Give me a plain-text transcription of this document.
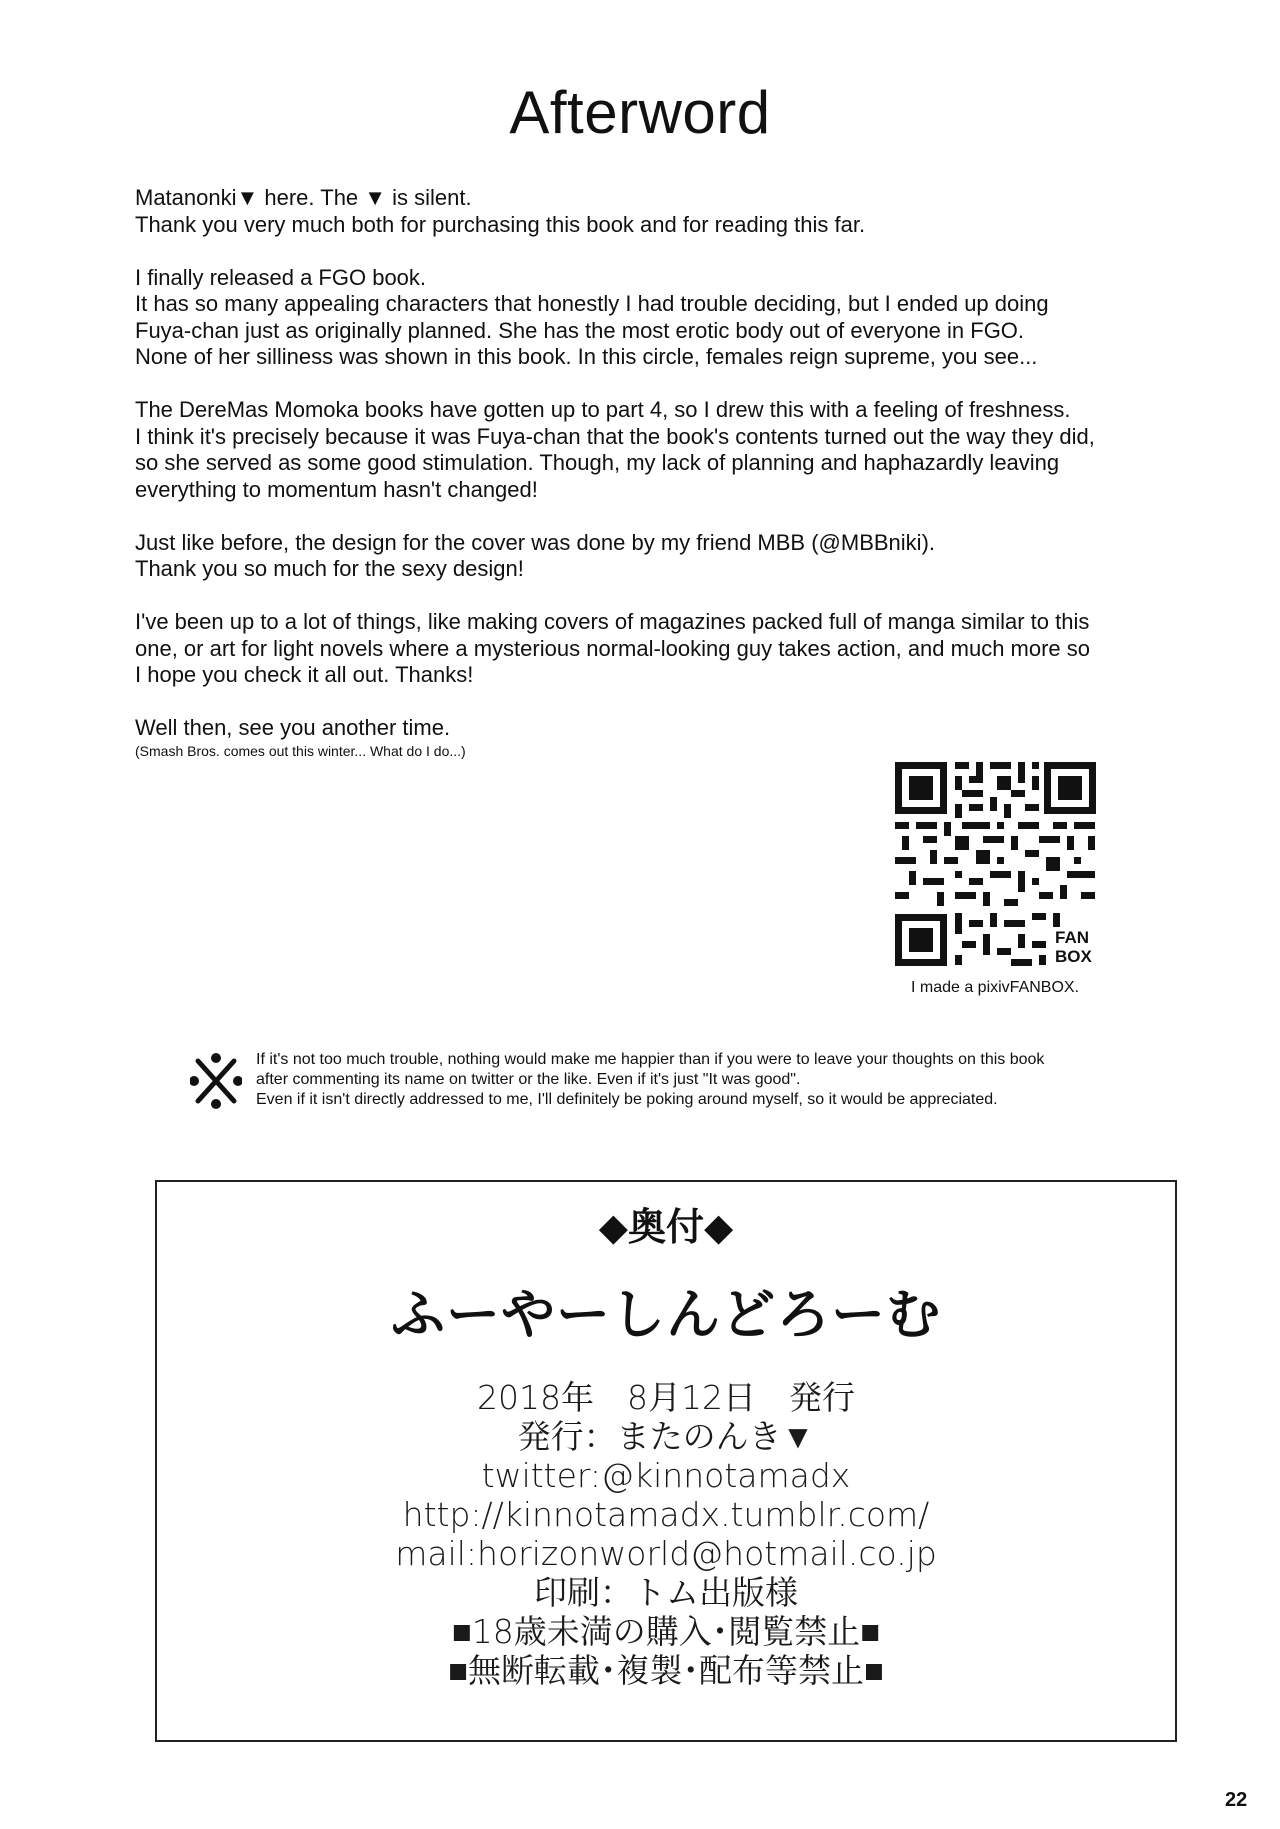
Afterword
Matanonki▼ here. The ▼ is silent.
Thank you very much both for purchasing this book and for reading this far.
I finally released a FGO book.
It has so many appealing characters that honestly I had trouble deciding, but I ended up doing
Fuya-chan just as originally planned. She has the most erotic body out of everyone in FGO.
None of her silliness was shown in this book. In this circle, females reign supreme, you see...
The DereMas Momoka books have gotten up to part 4, so I drew this with a feeling of freshness.
I think it's precisely because it was Fuya-chan that the book's contents turned out the way they did,
so she served as some good stimulation. Though, my lack of planning and haphazardly leaving
everything to momentum hasn't changed!
Just like before, the design for the cover was done by my friend MBB (@MBBniki).
Thank you so much for the sexy design!
I've been up to a lot of things, like making covers of magazines packed full of manga similar to this
one, or art for light novels where a mysterious normal-looking guy takes action, and much more so
I hope you check it all out. Thanks!
Well then, see you another time.
(Smash Bros. comes out this winter... What do I do...)
FAN
BOX
I made a pixivFANBOX.
If it's not too much trouble, nothing would make me happier than if you were to leave your thoughts on this book
after commenting its name on twitter or the like. Even if it's just "It was good".
Even if it isn't directly addressed to me, I'll definitely be poking around myself, so it would be appreciated.
◆奥付◆
ふーやーしんどろーむ
2018年　8月12日　発行
発行：またのんき▼
twitter:@kinnotamadx
http://kinnotamadx.tumblr.com/
mail:horizonworld@hotmail.co.jp
印刷：トム出版様
■18歳未満の購入･閲覧禁止■
■無断転載･複製･配布等禁止■
22
